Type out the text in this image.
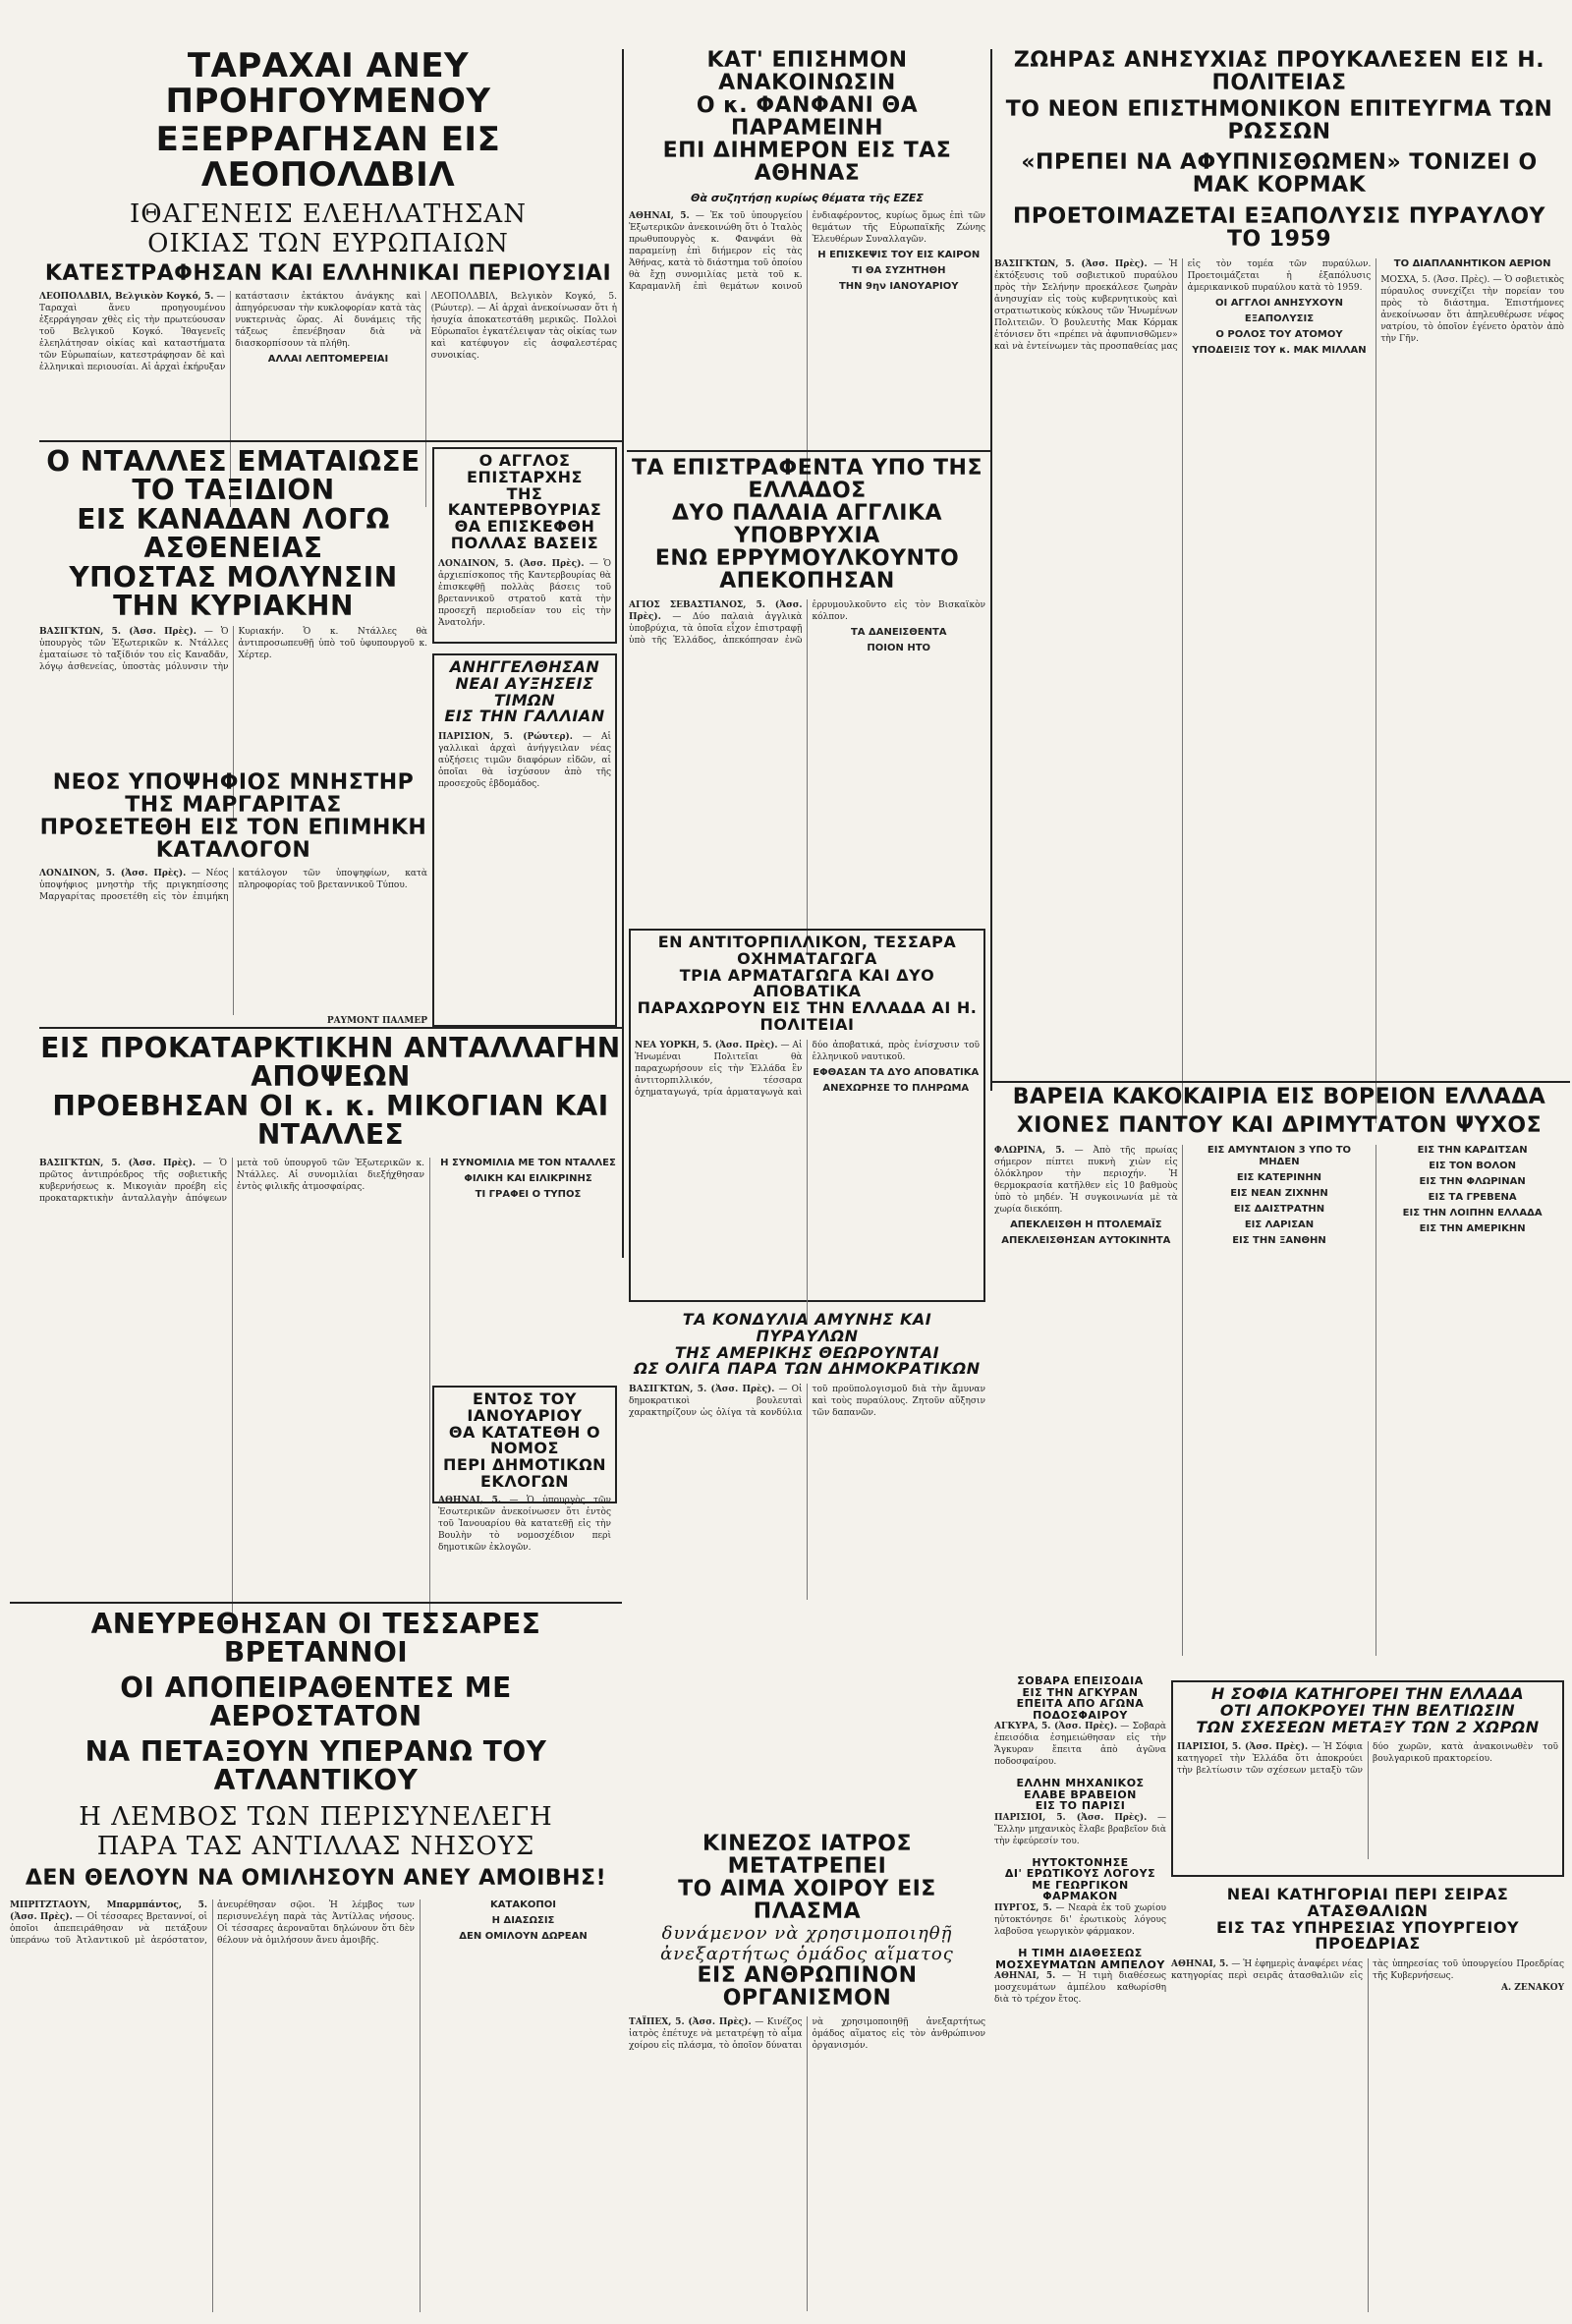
ΤΑΡΑΧΑΙ ΑΝΕΥ ΠΡΟΗΓΟΥΜΕΝΟΥ
ΕΞΕΡΡΑΓΗΣΑΝ ΕΙΣ ΛΕΟΠΟΛΔΒΙΛ
ΙΘΑΓΕΝΕΙΣ ΕΛΕΗΛΑΤΗΣΑΝ
ΟΙΚΙΑΣ ΤΩΝ ΕΥΡΩΠΑΙΩΝ
ΚΑΤΕΣΤΡΑΦΗΣΑΝ ΚΑΙ ΕΛΛΗΝΙΚΑΙ ΠΕΡΙΟΥΣΙΑΙ
ΛΕΟΠΟΛΔΒΙΛ, Βελγικὸν Κογκό, 5. — Ταραχαὶ ἄνευ προηγουμένου ἐξερράγησαν χθὲς εἰς τὴν πρωτεύουσαν τοῦ Βελγικοῦ Κογκό. Ἰθαγενεῖς ἐλεηλάτησαν οἰκίας καὶ καταστήματα τῶν Εὐρωπαίων, κατεστράφησαν δὲ καὶ ἑλληνικαὶ περιουσίαι. Αἱ ἀρχαὶ ἐκήρυξαν κατάστασιν ἐκτάκτου ἀνάγκης καὶ ἀπηγόρευσαν τὴν κυκλοφορίαν κατὰ τὰς νυκτερινὰς ὥρας. Αἱ δυνάμεις τῆς τάξεως ἐπενέβησαν διὰ νὰ διασκορπίσουν τὰ πλήθη.
ΑΛΛΑΙ ΛΕΠΤΟΜΕΡΕΙΑΙ
ΛΕΟΠΟΛΔΒΙΛ, Βελγικὸν Κογκό, 5. (Ρώυτερ). — Αἱ ἀρχαὶ ἀνεκοίνωσαν ὅτι ἡ ἡσυχία ἀποκατεστάθη μερικῶς. Πολλοὶ Εὐρωπαῖοι ἐγκατέλειψαν τὰς οἰκίας των καὶ κατέφυγον εἰς ἀσφαλεστέρας συνοικίας.
Ο ΝΤΑΛΛΕΣ ΕΜΑΤΑΙΩΣΕ ΤΟ ΤΑΞΙΔΙΟΝ
ΕΙΣ ΚΑΝΑΔΑΝ ΛΟΓΩ ΑΣΘΕΝΕΙΑΣ
ΥΠΟΣΤΑΣ ΜΟΛΥΝΣΙΝ ΤΗΝ ΚΥΡΙΑΚΗΝ
ΒΑΣΙΓΚΤΩΝ, 5. (Ἀσσ. Πρὲς). — Ὁ ὑπουργὸς τῶν Ἐξωτερικῶν κ. Ντάλλες ἐματαίωσε τὸ ταξίδιόν του εἰς Καναδᾶν, λόγῳ ἀσθενείας, ὑποστὰς μόλυνσιν τὴν Κυριακήν. Ὁ κ. Ντάλλες θὰ ἀντιπροσωπευθῇ ὑπὸ τοῦ ὑφυπουργοῦ κ. Χέρτερ.
Ο ΑΓΓΛΟΣ ΕΠΙΣΤΑΡΧΗΣ
ΤΗΣ ΚΑΝΤΕΡΒΟΥΡΙΑΣ
ΘΑ ΕΠΙΣΚΕΦΘΗ
ΠΟΛΛΑΣ ΒΑΣΕΙΣ
ΛΟΝΔΙΝΟΝ, 5. (Ἀσσ. Πρὲς). — Ὁ ἀρχιεπίσκοπος τῆς Καντερβουρίας θὰ ἐπισκεφθῇ πολλὰς βάσεις τοῦ βρεταννικοῦ στρατοῦ κατὰ τὴν προσεχῆ περιοδείαν του εἰς τὴν Ἀνατολήν.
ΑΝΗΓΓΕΛΘΗΣΑΝ
ΝΕΑΙ ΑΥΞΗΣΕΙΣ ΤΙΜΩΝ
ΕΙΣ ΤΗΝ ΓΑΛΛΙΑΝ
ΠΑΡΙΣΙΟΝ, 5. (Ρώυτερ). — Αἱ γαλλικαὶ ἀρχαὶ ἀνήγγειλαν νέας αὐξήσεις τιμῶν διαφόρων εἰδῶν, αἱ ὁποῖαι θὰ ἰσχύσουν ἀπὸ τῆς προσεχοῦς ἑβδομάδος.
ΝΕΟΣ ΥΠΟΨΗΦΙΟΣ ΜΝΗΣΤΗΡ ΤΗΣ ΜΑΡΓΑΡΙΤΑΣ
ΠΡΟΣΕΤΕΘΗ ΕΙΣ ΤΟΝ ΕΠΙΜΗΚΗ ΚΑΤΑΛΟΓΟΝ
ΛΟΝΔΙΝΟΝ, 5. (Ἀσσ. Πρὲς). — Νέος ὑποψήφιος μνηστὴρ τῆς πριγκηπίσσης Μαργαρίτας προσετέθη εἰς τὸν ἐπιμήκη κατάλογον τῶν ὑποψηφίων, κατὰ πληροφορίας τοῦ βρεταννικοῦ Τύπου.
ΡΑΥΜΟΝΤ ΠΑΛΜΕΡ
ΕΙΣ ΠΡΟΚΑΤΑΡΚΤΙΚΗΝ ΑΝΤΑΛΛΑΓΗΝ ΑΠΟΨΕΩΝ
ΠΡΟΕΒΗΣΑΝ ΟΙ κ. κ. ΜΙΚΟΓΙΑΝ ΚΑΙ ΝΤΑΛΛΕΣ
ΒΑΣΙΓΚΤΩΝ, 5. (Ἀσσ. Πρὲς). — Ὁ πρῶτος ἀντιπρόεδρος τῆς σοβιετικῆς κυβερνήσεως κ. Μικογιὰν προέβη εἰς προκαταρκτικὴν ἀνταλλαγὴν ἀπόψεων μετὰ τοῦ ὑπουργοῦ τῶν Ἐξωτερικῶν κ. Ντάλλες. Αἱ συνομιλίαι διεξήχθησαν ἐντὸς φιλικῆς ἀτμοσφαίρας.
Η ΣΥΝΟΜΙΛΙΑ ΜΕ ΤΟΝ ΝΤΑΛΛΕΣ
ΦΙΛΙΚΗ ΚΑΙ ΕΙΛΙΚΡΙΝΗΣ
ΤΙ ΓΡΑΦΕΙ Ο ΤΥΠΟΣ
ΕΝΤΟΣ ΤΟΥ ΙΑΝΟΥΑΡΙΟΥ
ΘΑ ΚΑΤΑΤΕΘΗ Ο ΝΟΜΟΣ
ΠΕΡΙ ΔΗΜΟΤΙΚΩΝ ΕΚΛΟΓΩΝ
ΑΘΗΝΑΙ, 5. — Ὁ ὑπουργὸς τῶν Ἐσωτερικῶν ἀνεκοίνωσεν ὅτι ἐντὸς τοῦ Ἰανουαρίου θὰ κατατεθῇ εἰς τὴν Βουλὴν τὸ νομοσχέδιον περὶ δημοτικῶν ἐκλογῶν.
ΑΝΕΥΡΕΘΗΣΑΝ ΟΙ ΤΕΣΣΑΡΕΣ ΒΡΕΤΑΝΝΟΙ
ΟΙ ΑΠΟΠΕΙΡΑΘΕΝΤΕΣ ΜΕ ΑΕΡΟΣΤΑΤΟΝ
ΝΑ ΠΕΤΑΞΟΥΝ ΥΠΕΡΑΝΩ ΤΟΥ ΑΤΛΑΝΤΙΚΟΥ
Η ΛΕΜΒΟΣ ΤΩΝ ΠΕΡΙΣΥΝΕΛΕΓΗ
ΠΑΡΑ ΤΑΣ ΑΝΤΙΛΛΑΣ ΝΗΣΟΥΣ
ΔΕΝ ΘΕΛΟΥΝ ΝΑ ΟΜΙΛΗΣΟΥΝ ΑΝΕΥ ΑΜΟΙΒΗΣ!
ΜΠΡΙΤΖΤΑΟΥΝ, Μπαρμπάντος, 5. (Ἀσσ. Πρὲς). — Οἱ τέσσαρες Βρεταννοί, οἱ ὁποῖοι ἀπεπειράθησαν νὰ πετάξουν ὑπεράνω τοῦ Ἀτλαντικοῦ μὲ ἀερόστατον, ἀνευρέθησαν σῷοι. Ἡ λέμβος των περισυνελέγη παρὰ τὰς Ἀντίλλας νήσους. Οἱ τέσσαρες ἀεροναῦται δηλώνουν ὅτι δὲν θέλουν νὰ ὁμιλήσουν ἄνευ ἀμοιβῆς.
ΚΑΤΑΚΟΠΟΙ
Η ΔΙΑΣΩΣΙΣ
ΔΕΝ ΟΜΙΛΟΥΝ ΔΩΡΕΑΝ
ΚΑΤ' ΕΠΙΣΗΜΟΝ ΑΝΑΚΟΙΝΩΣΙΝ
Ο κ. ΦΑΝΦΑΝΙ ΘΑ ΠΑΡΑΜΕΙΝΗ
ΕΠΙ ΔΙΗΜΕΡΟΝ ΕΙΣ ΤΑΣ ΑΘΗΝΑΣ
Θὰ συζητήσῃ κυρίως θέματα τῆς ΕΖΕΣ
ΑΘΗΝΑΙ, 5. — Ἐκ τοῦ ὑπουργείου Ἐξωτερικῶν ἀνεκοινώθη ὅτι ὁ Ἰταλὸς πρωθυπουργὸς κ. Φανφάνι θὰ παραμείνῃ ἐπὶ διήμερον εἰς τὰς Ἀθήνας, κατὰ τὸ διάστημα τοῦ ὁποίου θὰ ἔχῃ συνομιλίας μετὰ τοῦ κ. Καραμανλῆ ἐπὶ θεμάτων κοινοῦ ἐνδιαφέροντος, κυρίως ὅμως ἐπὶ τῶν θεμάτων τῆς Εὐρωπαϊκῆς Ζώνης Ἐλευθέρων Συναλλαγῶν.
Η ΕΠΙΣΚΕΨΙΣ ΤΟΥ ΕΙΣ ΚΑΙΡΟΝ
ΤΙ ΘΑ ΣΥΖΗΤΗΘΗ
ΤΗΝ 9ην ΙΑΝΟΥΑΡΙΟΥ
ΤΑ ΕΠΙΣΤΡΑΦΕΝΤΑ ΥΠΟ ΤΗΣ ΕΛΛΑΔΟΣ
ΔΥΟ ΠΑΛΑΙΑ ΑΓΓΛΙΚΑ ΥΠΟΒΡΥΧΙΑ
ΕΝΩ ΕΡΡΥΜΟΥΛΚΟΥΝΤΟ ΑΠΕΚΟΠΗΣΑΝ
ΑΓΙΟΣ ΣΕΒΑΣΤΙΑΝΟΣ, 5. (Ἀσσ. Πρὲς). — Δύο παλαιὰ ἀγγλικὰ ὑποβρύχια, τὰ ὁποῖα εἶχον ἐπιστραφῇ ὑπὸ τῆς Ἑλλάδος, ἀπεκόπησαν ἐνῶ ἐρρυμουλκοῦντο εἰς τὸν Βισκαϊκὸν κόλπον.
ΤΑ ΔΑΝΕΙΣΘΕΝΤΑ
ΠΟΙΟΝ ΗΤΟ
ΕΝ ΑΝΤΙΤΟΡΠΙΛΛΙΚΟΝ, ΤΕΣΣΑΡΑ ΟΧΗΜΑΤΑΓΩΓΑ
ΤΡΙΑ ΑΡΜΑΤΑΓΩΓΑ ΚΑΙ ΔΥΟ ΑΠΟΒΑΤΙΚΑ
ΠΑΡΑΧΩΡΟΥΝ ΕΙΣ ΤΗΝ ΕΛΛΑΔΑ ΑΙ Η. ΠΟΛΙΤΕΙΑΙ
ΝΕΑ ΥΟΡΚΗ, 5. (Ἀσσ. Πρὲς). — Αἱ Ἡνωμέναι Πολιτεῖαι θὰ παραχωρήσουν εἰς τὴν Ἑλλάδα ἓν ἀντιτορπιλλικόν, τέσσαρα ὀχηματαγωγά, τρία ἁρματαγωγὰ καὶ δύο ἀποβατικά, πρὸς ἐνίσχυσιν τοῦ ἑλληνικοῦ ναυτικοῦ.
ΕΦΘΑΣΑΝ ΤΑ ΔΥΟ ΑΠΟΒΑΤΙΚΑ
ΑΝΕΧΩΡΗΣΕ ΤΟ ΠΛΗΡΩΜΑ
ΤΑ ΚΟΝΔΥΛΙΑ ΑΜΥΝΗΣ ΚΑΙ ΠΥΡΑΥΛΩΝ
ΤΗΣ ΑΜΕΡΙΚΗΣ ΘΕΩΡΟΥΝΤΑΙ
ΩΣ ΟΛΙΓΑ ΠΑΡΑ ΤΩΝ ΔΗΜΟΚΡΑΤΙΚΩΝ
ΒΑΣΙΓΚΤΩΝ, 5. (Ἀσσ. Πρὲς). — Οἱ δημοκρατικοὶ βουλευταὶ χαρακτηρίζουν ὡς ὀλίγα τὰ κονδύλια τοῦ προϋπολογισμοῦ διὰ τὴν ἄμυναν καὶ τοὺς πυραύλους. Ζητοῦν αὔξησιν τῶν δαπανῶν.
ΚΙΝΕΖΟΣ ΙΑΤΡΟΣ ΜΕΤΑΤΡΕΠΕΙ
ΤΟ ΑΙΜΑ ΧΟΙΡΟΥ ΕΙΣ ΠΛΑΣΜΑ
δυνάμενον νὰ χρησιμοποιηθῇ
ἀνεξαρτήτως ὁμάδος αἵματος
ΕΙΣ ΑΝΘΡΩΠΙΝΟΝ ΟΡΓΑΝΙΣΜΟΝ
ΤΑΪΠΕΧ, 5. (Ἀσσ. Πρὲς). — Κινέζος ἰατρὸς ἐπέτυχε νὰ μετατρέψῃ τὸ αἷμα χοίρου εἰς πλάσμα, τὸ ὁποῖον δύναται νὰ χρησιμοποιηθῇ ἀνεξαρτήτως ὁμάδος αἵματος εἰς τὸν ἀνθρώπινον ὀργανισμόν.
ΖΩΗΡΑΣ ΑΝΗΣΥΧΙΑΣ ΠΡΟΥΚΑΛΕΣΕΝ ΕΙΣ Η. ΠΟΛΙΤΕΙΑΣ
ΤΟ ΝΕΟΝ ΕΠΙΣΤΗΜΟΝΙΚΟΝ ΕΠΙΤΕΥΓΜΑ ΤΩΝ ΡΩΣΣΩΝ
«ΠΡΕΠΕΙ ΝΑ ΑΦΥΠΝΙΣΘΩΜΕΝ» ΤΟΝΙΖΕΙ Ο ΜΑΚ ΚΟΡΜΑΚ
ΠΡΟΕΤΟΙΜΑΖΕΤΑΙ ΕΞΑΠΟΛΥΣΙΣ ΠΥΡΑΥΛΟΥ ΤΟ 1959
ΒΑΣΙΓΚΤΩΝ, 5. (Ἀσσ. Πρὲς). — Ἡ ἐκτόξευσις τοῦ σοβιετικοῦ πυραύλου πρὸς τὴν Σελήνην προεκάλεσε ζωηρὰν ἀνησυχίαν εἰς τοὺς κυβερνητικοὺς καὶ στρατιωτικοὺς κύκλους τῶν Ἡνωμένων Πολιτειῶν. Ὁ βουλευτὴς Μακ Κόρμακ ἐτόνισεν ὅτι «πρέπει νὰ ἀφυπνισθῶμεν» καὶ νὰ ἐντείνωμεν τὰς προσπαθείας μας εἰς τὸν τομέα τῶν πυραύλων. Προετοιμάζεται ἡ ἐξαπόλυσις ἀμερικανικοῦ πυραύλου κατὰ τὸ 1959.
ΟΙ ΑΓΓΛΟΙ ΑΝΗΣΥΧΟΥΝ
ΕΞΑΠΟΛΥΣΙΣ
Ο ΡΟΛΟΣ ΤΟΥ ΑΤΟΜΟΥ
ΥΠΟΔΕΙΞΙΣ ΤΟΥ κ. ΜΑΚ ΜΙΛΛΑΝ
ΤΟ ΔΙΑΠΛΑΝΗΤΙΚΟΝ ΑΕΡΙΟΝ
ΜΟΣΧΑ, 5. (Ἀσσ. Πρὲς). — Ὁ σοβιετικὸς πύραυλος συνεχίζει τὴν πορείαν του πρὸς τὸ διάστημα. Ἐπιστήμονες ἀνεκοίνωσαν ὅτι ἀπηλευθέρωσε νέφος νατρίου, τὸ ὁποῖον ἐγένετο ὁρατὸν ἀπὸ τὴν Γῆν.
ΒΑΡΕΙΑ ΚΑΚΟΚΑΙΡΙΑ ΕΙΣ ΒΟΡΕΙΟΝ ΕΛΛΑΔΑ
ΧΙΟΝΕΣ ΠΑΝΤΟΥ ΚΑΙ ΔΡΙΜΥΤΑΤΟΝ ΨΥΧΟΣ
ΦΛΩΡΙΝΑ, 5. — Ἀπὸ τῆς πρωίας σήμερον πίπτει πυκνὴ χιὼν εἰς ὁλόκληρον τὴν περιοχήν. Ἡ θερμοκρασία κατῆλθεν εἰς 10 βαθμοὺς ὑπὸ τὸ μηδέν. Ἡ συγκοινωνία μὲ τὰ χωρία διεκόπη.
ΑΠΕΚΛΕΙΣΘΗ Η ΠΤΟΛΕΜΑΪΣ
ΑΠΕΚΛΕΙΣΘΗΣΑΝ ΑΥΤΟΚΙΝΗΤΑ
ΕΙΣ ΑΜΥΝΤΑΙΟΝ 3 ΥΠΟ ΤΟ ΜΗΔΕΝ
ΕΙΣ ΚΑΤΕΡΙΝΗΝ
ΕΙΣ ΝΕΑΝ ΖΙΧΝΗΝ
ΕΙΣ ΔΑΙΣΤΡΑΤΗΝ
ΕΙΣ ΛΑΡΙΣΑΝ
ΕΙΣ ΤΗΝ ΞΑΝΘΗΝ
ΕΙΣ ΤΗΝ ΚΑΡΔΙΤΣΑΝ
ΕΙΣ ΤΟΝ ΒΟΛΟΝ
ΕΙΣ ΤΗΝ ΦΛΩΡΙΝΑΝ
ΕΙΣ ΤΑ ΓΡΕΒΕΝΑ
ΕΙΣ ΤΗΝ ΛΟΙΠΗΝ ΕΛΛΑΔΑ
ΕΙΣ ΤΗΝ ΑΜΕΡΙΚΗΝ
ΣΟΒΑΡΑ ΕΠΕΙΣΟΔΙΑ
ΕΙΣ ΤΗΝ ΑΓΚΥΡΑΝ
ΕΠΕΙΤΑ ΑΠΟ ΑΓΩΝΑ
ΠΟΔΟΣΦΑΙΡΟΥ
ΑΓΚΥΡΑ, 5. (Ἀσσ. Πρὲς). — Σοβαρὰ ἐπεισόδια ἐσημειώθησαν εἰς τὴν Ἄγκυραν ἔπειτα ἀπὸ ἀγῶνα ποδοσφαίρου.
ΕΛΛΗΝ ΜΗΧΑΝΙΚΟΣ
ΕΛΑΒΕ ΒΡΑΒΕΙΟΝ
ΕΙΣ ΤΟ ΠΑΡΙΣΙ
ΠΑΡΙΣΙΟΙ, 5. (Ἀσσ. Πρὲς). — Ἕλλην μηχανικὸς ἔλαβε βραβεῖον διὰ τὴν ἐφεύρεσίν του.
ΗΥΤΟΚΤΟΝΗΣΕ
ΔΙ' ΕΡΩΤΙΚΟΥΣ ΛΟΓΟΥΣ
ΜΕ ΓΕΩΡΓΙΚΟΝ ΦΑΡΜΑΚΟΝ
ΠΥΡΓΟΣ, 5. — Νεαρὰ ἐκ τοῦ χωρίου ηὐτοκτόνησε δι' ἐρωτικοὺς λόγους λαβοῦσα γεωργικὸν φάρμακον.
Η ΤΙΜΗ ΔΙΑΘΕΣΕΩΣ
ΜΟΣΧΕΥΜΑΤΩΝ ΑΜΠΕΛΟΥ
ΑΘΗΝΑΙ, 5. — Ἡ τιμὴ διαθέσεως μοσχευμάτων ἀμπέλου καθωρίσθη διὰ τὸ τρέχον ἔτος.
Η ΣΟΦΙΑ ΚΑΤΗΓΟΡΕΙ ΤΗΝ ΕΛΛΑΔΑ
ΟΤΙ ΑΠΟΚΡΟΥΕΙ ΤΗΝ ΒΕΛΤΙΩΣΙΝ
ΤΩΝ ΣΧΕΣΕΩΝ ΜΕΤΑΞΥ ΤΩΝ 2 ΧΩΡΩΝ
ΠΑΡΙΣΙΟΙ, 5. (Ἀσσ. Πρὲς). — Ἡ Σόφια κατηγορεῖ τὴν Ἑλλάδα ὅτι ἀποκρούει τὴν βελτίωσιν τῶν σχέσεων μεταξὺ τῶν δύο χωρῶν, κατὰ ἀνακοινωθὲν τοῦ βουλγαρικοῦ πρακτορείου.
ΝΕΑΙ ΚΑΤΗΓΟΡΙΑΙ ΠΕΡΙ ΣΕΙΡΑΣ ΑΤΑΣΘΑΛΙΩΝ
ΕΙΣ ΤΑΣ ΥΠΗΡΕΣΙΑΣ ΥΠΟΥΡΓΕΙΟΥ ΠΡΟΕΔΡΙΑΣ
ΑΘΗΝΑΙ, 5. — Ἡ ἐφημερὶς ἀναφέρει νέας κατηγορίας περὶ σειρᾶς ἀτασθαλιῶν εἰς τὰς ὑπηρεσίας τοῦ ὑπουργείου Προεδρίας τῆς Κυβερνήσεως.
Α. ΖΕΝΑΚΟΥ
